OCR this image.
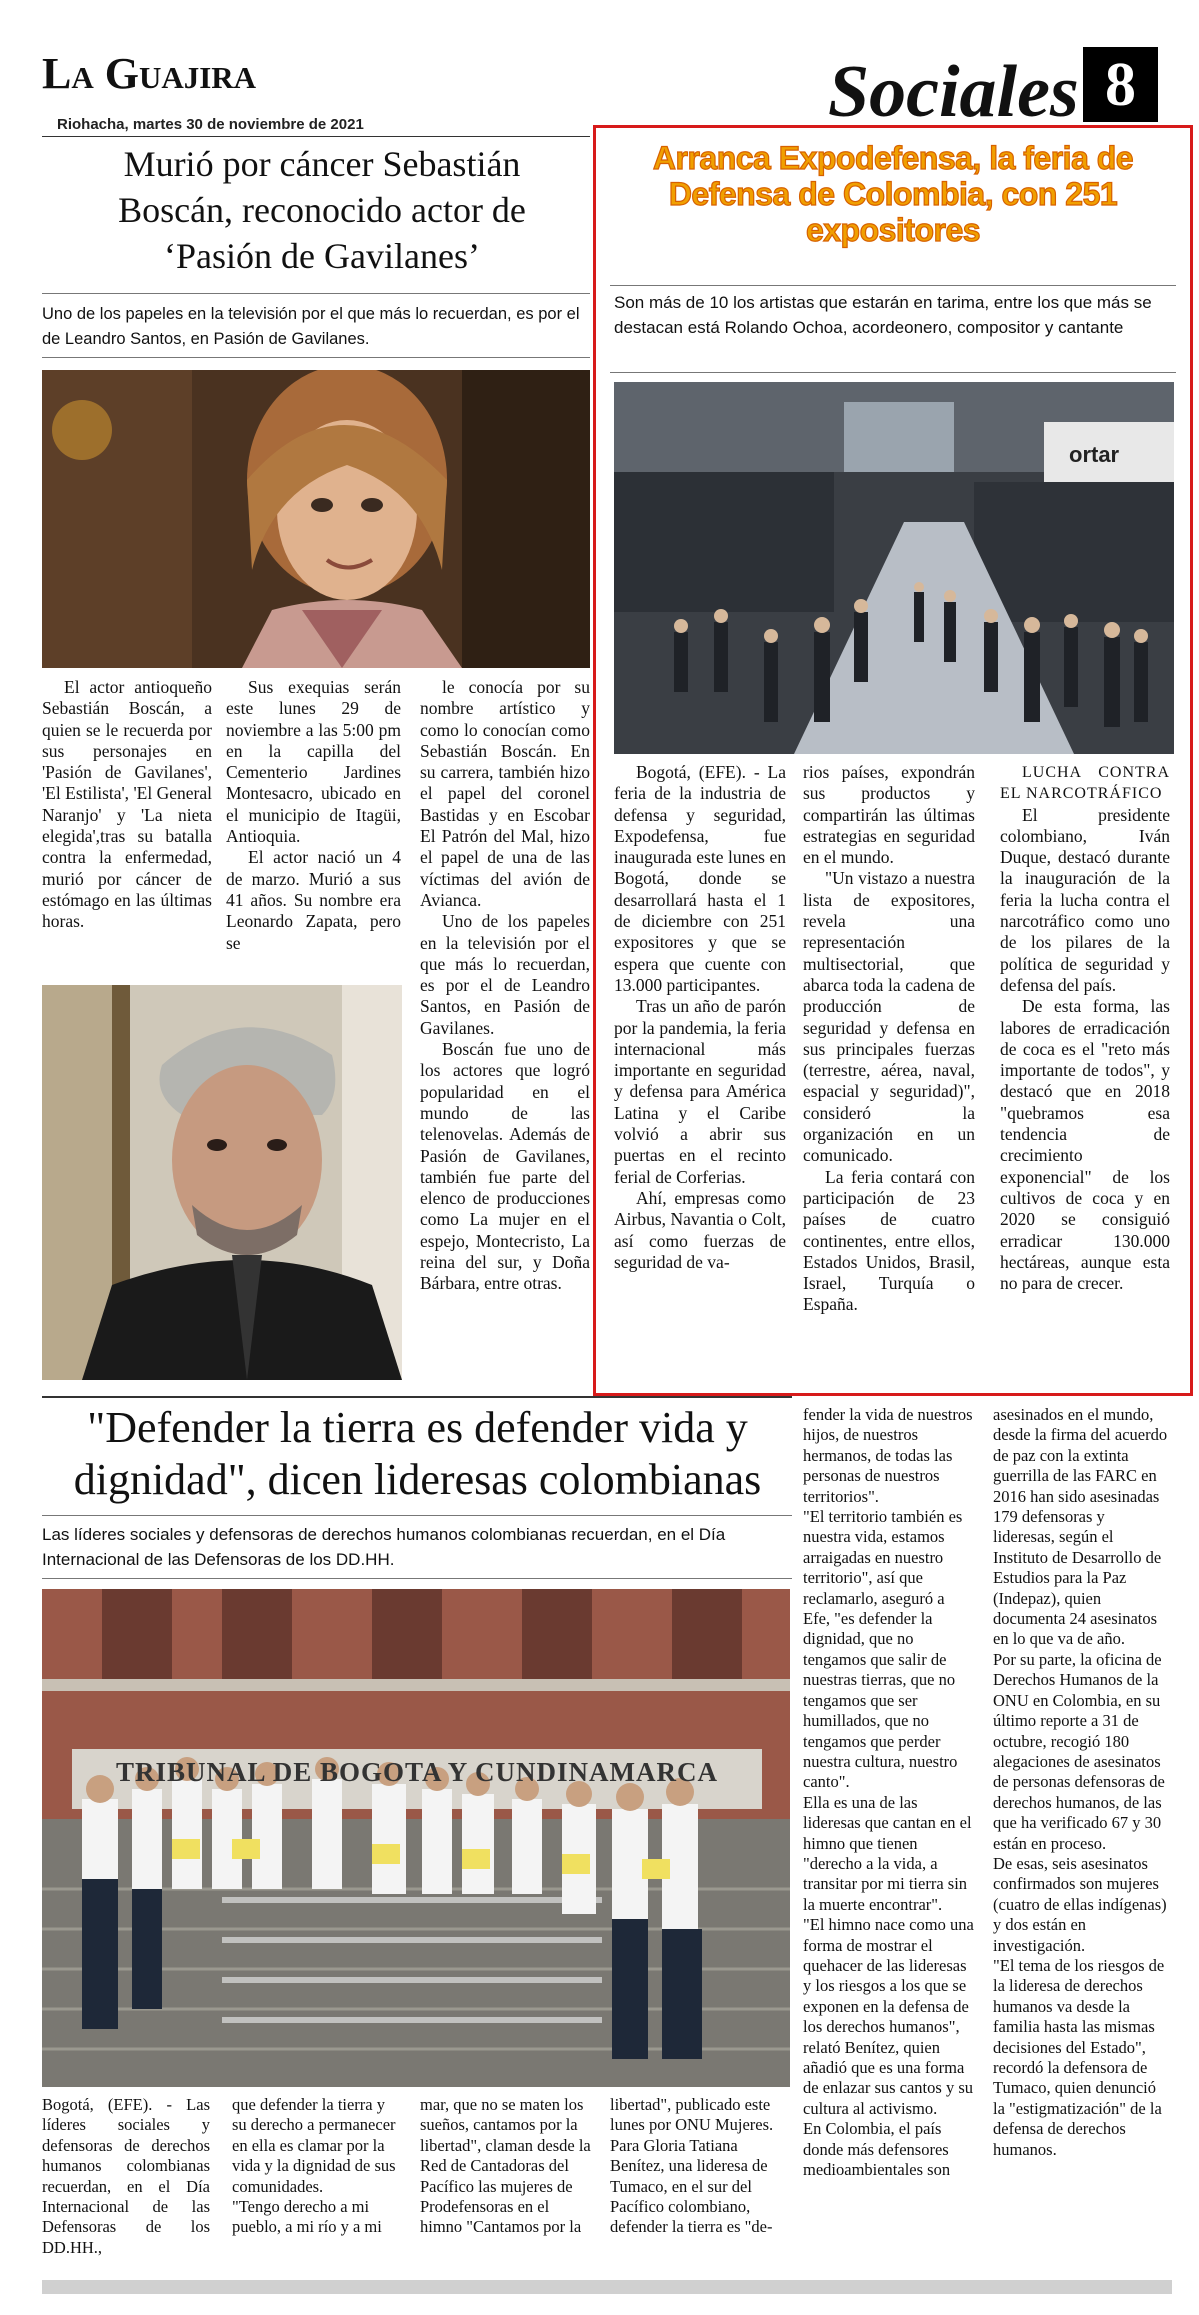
La Guajira
Riohacha, martes 30 de noviembre de 2021	Sociales 8
Murió por cáncer Sebastián Boscán, reconocido actor de ‘Pasión de Gavilanes’
Uno de los papeles en la televisión por el que más lo recuerdan, es por el de Leandro Santos, en Pasión de Gavilanes.

El actor antioqueño Sebastián Boscán, a quien se le recuerda por sus personajes en 'Pasión de Gavilanes', 'El Estilista', 'El General Naranjo' y 'La nieta elegida',tras su batalla contra la enfermedad, murió por cáncer de estómago en las últimas horas.

Sus exequias serán este lunes 29 de noviembre a las 5:00 pm en la capilla del Cementerio Jardines Montesacro, ubicado en el municipio de Itagüi, Antioquia.

El actor nació un 4 de marzo. Murió a sus 41 años. Su nombre era Leonardo Zapata, pero se

le conocía por su nombre artístico y como lo conocían como Sebastián Boscán. En su carrera, también hizo el papel del coronel Bastidas y en Escobar El Patrón del Mal, hizo el papel de una de las víctimas del avión de Avianca.

Uno de los papeles en la televisión por el que más lo recuerdan, es por el de Leandro Santos, en Pasión de Gavilanes.

Boscán fue uno de los actores que logró popularidad en el mundo de las telenovelas. Además de Pasión de Gavilanes, también fue parte del elenco de producciones como La mujer en el espejo, Montecristo, La reina del sur, y Doña Bárbara, entre otras.

Arranca Expodefensa, la feria de Defensa de Colombia, con 251 expositores
Son más de 10 los artistas que estarán en tarima, entre los que más se destacan está Rolando Ochoa, acordeonero, compositor y cantante
ortar

Bogotá, (EFE). - La feria de la industria de defensa y seguridad, Expodefensa, fue inaugurada este lunes en Bogotá, donde se desarrollará hasta el 1 de diciembre con 251 expositores y que se espera que cuente con 13.000 participantes.

Tras un año de parón por la pandemia, la feria internacional más importante en seguridad y defensa para América Latina y el Caribe volvió a abrir sus puertas en el recinto ferial de Corferias.

Ahí, empresas como Airbus, Navantia o Colt, así como fuerzas de seguridad de va-

rios países, expondrán sus productos y compartirán las últimas estrategias en seguridad en el mundo.

"Un vistazo a nuestra lista de expositores, revela una representación multisectorial, que abarca toda la cadena de producción de seguridad y defensa en sus principales fuerzas (terrestre, aérea, naval, espacial y seguridad)", consideró la organización en un comunicado.

La feria contará con participación de 23 países de cuatro continentes, entre ellos, Estados Unidos, Brasil, Israel, Turquía o España.

LUCHA CONTRA EL NARCOTRÁFICO

El presidente colombiano, Iván Duque, destacó durante la inauguración de la feria la lucha contra el narcotráfico como uno de los pilares de la política de seguridad y defensa del país.

De esta forma, las labores de erradicación de coca es el "reto más importante de todos", y destacó que en 2018 "quebramos esa tendencia de crecimiento exponencial" de los cultivos de coca y en 2020 se consiguió erradicar 130.000 hectáreas, aunque esta no para de crecer.

"Defender la tierra es defender vida y dignidad", dicen lideresas colombianas
Las líderes sociales y defensoras de derechos humanos colombianas recuerdan, en el Día Internacional de las Defensoras de los DD.HH.
TRIBUNAL DE BOGOTA Y CUNDINAMARCA

Bogotá, (EFE). - Las líderes sociales y defensoras de derechos humanos colombianas recuerdan, en el Día Internacional de las Defensoras de los DD.HH.,

que defender la tierra y su derecho a permanecer en ella es clamar por la vida y la dignidad de sus comunidades.

"Tengo derecho a mi pueblo, a mi río y a mi

mar, que no se maten los sueños, cantamos por la libertad", claman desde la Red de Cantadoras del Pacífico las mujeres de Prodefensoras en el himno "Cantamos por la

libertad", publicado este lunes por ONU Mujeres.

Para Gloria Tatiana Benítez, una lideresa de Tumaco, en el sur del Pacífico colombiano, defender la tierra es "de-

fender la vida de nuestros hijos, de nuestros hermanos, de todas las personas de nuestros territorios".

"El territorio también es nuestra vida, estamos arraigadas en nuestro territorio", así que reclamarlo, aseguró a Efe, "es defender la dignidad, que no tengamos que salir de nuestras tierras, que no tengamos que ser humillados, que no tengamos que perder nuestra cultura, nuestro canto".

Ella es una de las lideresas que cantan en el himno que tienen "derecho a la vida, a transitar por mi tierra sin la muerte encontrar".

"El himno nace como una forma de mostrar el quehacer de las lideresas y los riesgos a los que se exponen en la defensa de los derechos humanos", relató Benítez, quien añadió que es una forma de enlazar sus cantos y su cultura al activismo.

En Colombia, el país donde más defensores medioambientales son

asesinados en el mundo, desde la firma del acuerdo de paz con la extinta guerrilla de las FARC en 2016 han sido asesinadas 179 defensoras y lideresas, según el Instituto de Desarrollo de Estudios para la Paz (Indepaz), quien documenta 24 asesinatos en lo que va de año.

Por su parte, la oficina de Derechos Humanos de la ONU en Colombia, en su último reporte a 31 de octubre, recogió 180 alegaciones de asesinatos de personas defensoras de derechos humanos, de las que ha verificado 67 y 30 están en proceso.

De esas, seis asesinatos confirmados son mujeres (cuatro de ellas indígenas) y dos están en investigación.

"El tema de los riesgos de la lideresa de derechos humanos va desde la familia hasta las mismas decisiones del Estado", recordó la defensora de Tumaco, quien denunció la "estigmatización" de la defensa de derechos humanos.
